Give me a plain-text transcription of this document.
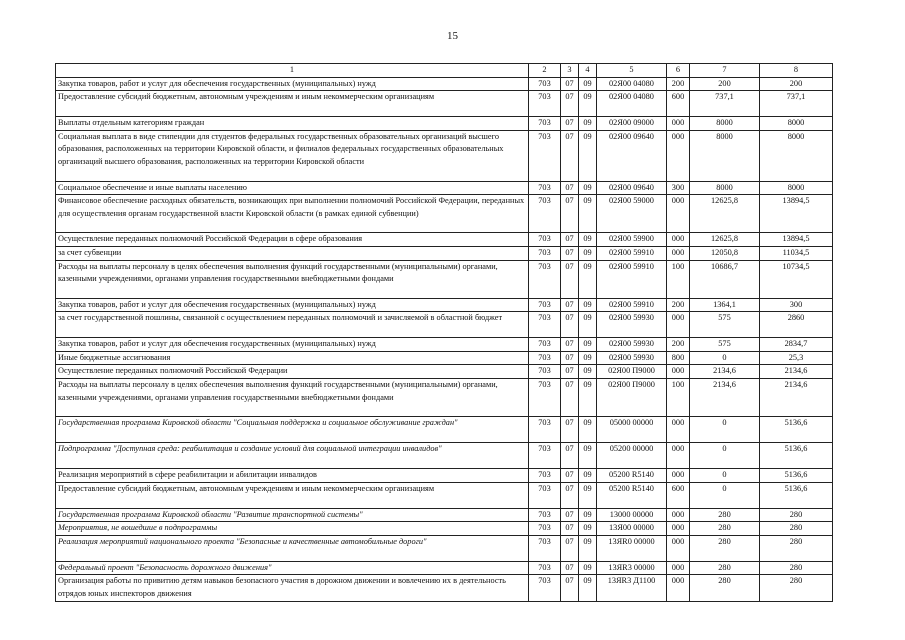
15
1	2	3	4	5	6	7	8
Закупка товаров, работ и услуг для обеспечения государственных (муниципальных) нужд	703	07	09	02Я00 04080	200	200	200
Предоставление субсидий бюджетным, автономным учреждениям и иным некоммерческим организациям	703	07	09	02Я00 04080	600	737,1	737,1
Выплаты отдельным категориям граждан	703	07	09	02Я00 09000	000	8000	8000
Социальная выплата в виде стипендии для студентов федеральных государственных образовательных организаций высшего образования, расположенных на территории Кировской области, и филиалов федеральных государственных образовательных организаций высшего образования, расположенных на территории Кировской области	703	07	09	02Я00 09640	000	8000	8000
Социальное обеспечение и иные выплаты населению	703	07	09	02Я00 09640	300	8000	8000
Финансовое обеспечение расходных обязательств, возникающих при выполнении полномочий Российской Федерации, переданных для осуществления органам государственной власти Кировской области (в рамках единой субвенции)	703	07	09	02Я00 59000	000	12625,8	13894,5
Осуществление переданных полномочий Российской Федерации в сфере образования	703	07	09	02Я00 59900	000	12625,8	13894,5
за счет субвенции	703	07	09	02Я00 59910	000	12050,8	11034,5
Расходы на выплаты персоналу в целях обеспечения выполнения функций государственными (муниципальными) органами, казенными учреждениями, органами управления государственными внебюджетными фондами	703	07	09	02Я00 59910	100	10686,7	10734,5
Закупка товаров, работ и услуг для обеспечения государственных (муниципальных) нужд	703	07	09	02Я00 59910	200	1364,1	300
за счет государственной пошлины, связанной с осуществлением переданных полномочий и зачисляемой в областной бюджет	703	07	09	02Я00 59930	000	575	2860
Закупка товаров, работ и услуг для обеспечения государственных (муниципальных) нужд	703	07	09	02Я00 59930	200	575	2834,7
Иные бюджетные ассигнования	703	07	09	02Я00 59930	800	0	25,3
Осуществление переданных полномочий Российской Федерации	703	07	09	02Я00 П9000	000	2134,6	2134,6
Расходы на выплаты персоналу в целях обеспечения выполнения функций государственными (муниципальными) органами, казенными учреждениями, органами управления государственными внебюджетными фондами	703	07	09	02Я00 П9000	100	2134,6	2134,6
Государственная программа Кировской области "Социальная поддержка и социальное обслуживание граждан"	703	07	09	05000 00000	000	0	5136,6
Подпрограмма "Доступная среда: реабилитация и создание условий для социальной интеграции инвалидов"	703	07	09	05200 00000	000	0	5136,6
Реализация мероприятий в сфере реабилитации и абилитации инвалидов	703	07	09	05200 R5140	000	0	5136,6
Предоставление субсидий бюджетным, автономным учреждениям и иным некоммерческим организациям	703	07	09	05200 R5140	600	0	5136,6
Государственная программа Кировской области "Развитие транспортной системы"	703	07	09	13000 00000	000	280	280
Мероприятия, не вошедшие в подпрограммы	703	07	09	13Я00 00000	000	280	280
Реализация мероприятий национального проекта "Безопасные и качественные автомобильные дороги"	703	07	09	13ЯR0 00000	000	280	280
Федеральный проект "Безопасность дорожного движения"	703	07	09	13ЯR3 00000	000	280	280
Организация работы по привитию детям навыков безопасного участия в дорожном движении и вовлечению их в деятельность отрядов юных инспекторов движения	703	07	09	13ЯR3 Д1100	000	280	280
